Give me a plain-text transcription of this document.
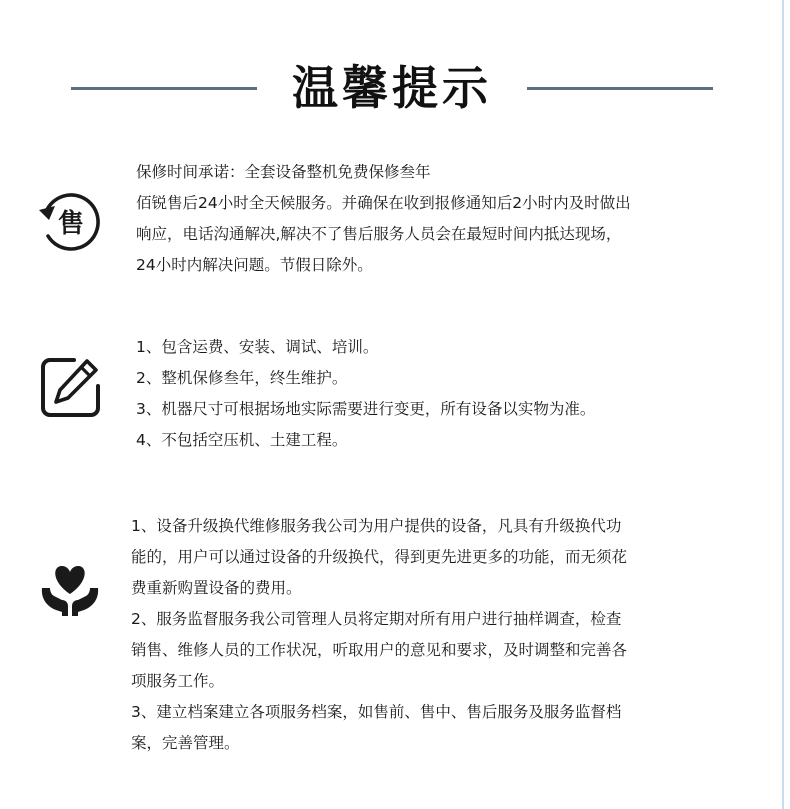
温馨提示
售

保修时间承诺：全套设备整机免费保修叁年

佰锐售后24小时全天候服务。并确保在收到报修通知后2小时内及时做出

响应，电话沟通解决,解决不了售后服务人员会在最短时间内抵达现场，

24小时内解决问题。节假日除外。

1、包含运费、安装、调试、培训。

2、整机保修叁年，终生维护。

3、机器尺寸可根据场地实际需要进行变更，所有设备以实物为准。

4、不包括空压机、土建工程。

1、设备升级换代维修服务我公司为用户提供的设备，凡具有升级换代功

能的，用户可以通过设备的升级换代，得到更先进更多的功能，而无须花

费重新购置设备的费用。

2、服务监督服务我公司管理人员将定期对所有用户进行抽样调查，检查

销售、维修人员的工作状况，听取用户的意见和要求，及时调整和完善各

项服务工作。

3、建立档案建立各项服务档案，如售前、售中、售后服务及服务监督档

案，完善管理。
